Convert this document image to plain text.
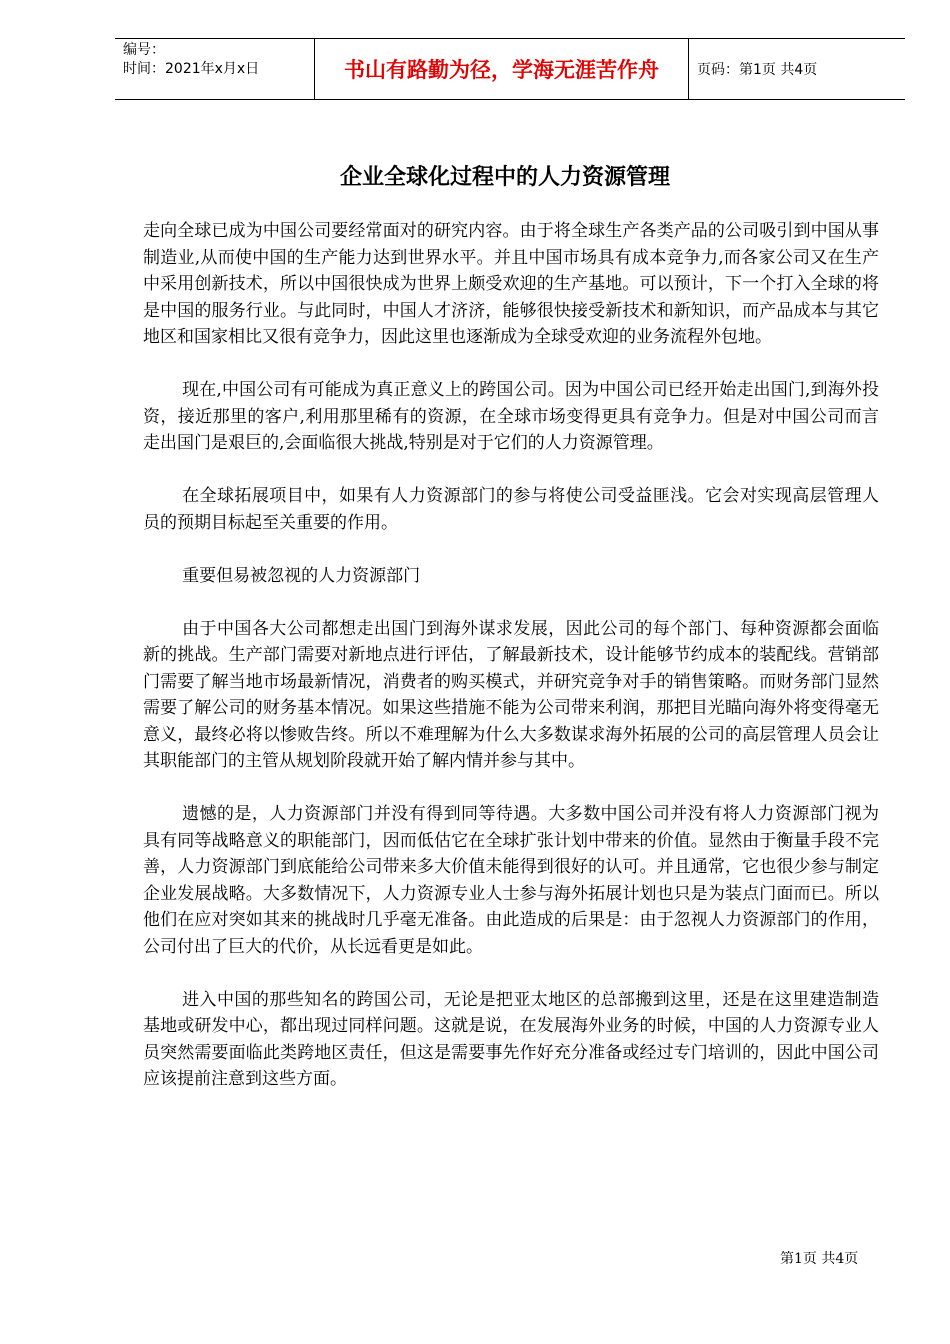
编号：
时间：2021年x月x日	书山有路勤为径，学海无涯苦作舟	页码：第1页 共4页
企业全球化过程中的人力资源管理

走向全球已成为中国公司要经常面对的研究内容。由于将全球生产各类产品的公司吸引到中国从事制造业,从而使中国的生产能力达到世界水平。并且中国市场具有成本竞争力,而各家公司又在生产中采用创新技术，所以中国很快成为世界上颇受欢迎的生产基地。可以预计，下一个打入全球的将是中国的服务行业。与此同时，中国人才济济，能够很快接受新技术和新知识，而产品成本与其它地区和国家相比又很有竞争力，因此这里也逐渐成为全球受欢迎的业务流程外包地。

现在,中国公司有可能成为真正意义上的跨国公司。因为中国公司已经开始走出国门,到海外投资，接近那里的客户,利用那里稀有的资源，在全球市场变得更具有竞争力。但是对中国公司而言走出国门是艰巨的,会面临很大挑战,特别是对于它们的人力资源管理。

在全球拓展项目中，如果有人力资源部门的参与将使公司受益匪浅。它会对实现高层管理人员的预期目标起至关重要的作用。

重要但易被忽视的人力资源部门

由于中国各大公司都想走出国门到海外谋求发展，因此公司的每个部门、每种资源都会面临新的挑战。生产部门需要对新地点进行评估，了解最新技术，设计能够节约成本的装配线。营销部门需要了解当地市场最新情况，消费者的购买模式，并研究竞争对手的销售策略。而财务部门显然需要了解公司的财务基本情况。如果这些措施不能为公司带来利润，那把目光瞄向海外将变得毫无意义，最终必将以惨败告终。所以不难理解为什么大多数谋求海外拓展的公司的高层管理人员会让其职能部门的主管从规划阶段就开始了解内情并参与其中。

遗憾的是，人力资源部门并没有得到同等待遇。大多数中国公司并没有将人力资源部门视为具有同等战略意义的职能部门，因而低估它在全球扩张计划中带来的价值。显然由于衡量手段不完善，人力资源部门到底能给公司带来多大价值未能得到很好的认可。并且通常，它也很少参与制定企业发展战略。大多数情况下，人力资源专业人士参与海外拓展计划也只是为装点门面而已。所以他们在应对突如其来的挑战时几乎毫无准备。由此造成的后果是：由于忽视人力资源部门的作用，公司付出了巨大的代价，从长远看更是如此。

进入中国的那些知名的跨国公司，无论是把亚太地区的总部搬到这里，还是在这里建造制造基地或研发中心，都出现过同样问题。这就是说，在发展海外业务的时候，中国的人力资源专业人员突然需要面临此类跨地区责任，但这是需要事先作好充分准备或经过专门培训的，因此中国公司应该提前注意到这些方面。

第1页 共4页
